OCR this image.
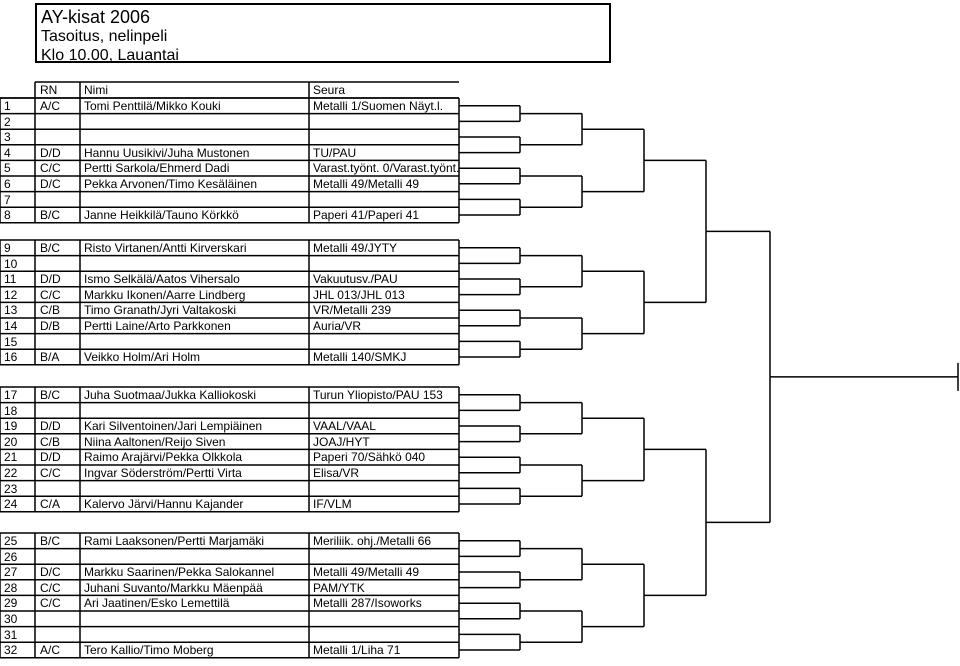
AY-kisat 2006
Tasoitus, nelinpeli
Klo 10.00, Lauantai
RN Nimi	Seura
1 A/C Tomi Penttilä/Mikko Kouki	Metalli 1/Suomen Näyt.l.
2
3
4 D/D Hannu Uusikivi/Juha Mustonen	TU/PAU
5 C/C Pertti Sarkola/Ehmerd Dadi	Varast.työnt. 0/Varast.työnt.
6 D/C Pekka Arvonen/Timo Kesäläinen	Metalli 49/Metalli 49
7
8 B/C Janne Heikkilä/Tauno Körkkö	Paperi 41/Paperi 41
9 B/C Risto Virtanen/Antti Kirverskari	Metalli 49/JYTY
10
11 D/D Ismo Selkälä/Aatos Vihersalo	Vakuutusv./PAU
12 C/C Markku Ikonen/Aarre Lindberg	JHL 013/JHL 013
13 C/B Timo Granath/Jyri Valtakoski	VR/Metalli 239
14 D/B Pertti Laine/Arto Parkkonen	Auria/VR
15
16 B/A Veikko Holm/Ari Holm	Metalli 140/SMKJ
17 B/C Juha Suotmaa/Jukka Kalliokoski	Turun Yliopisto/PAU 153
18
19 D/D Kari Silventoinen/Jari Lempiäinen	VAAL/VAAL
20 C/B Niina Aaltonen/Reijo Siven	JOAJ/HYT
21 D/D Raimo Arajärvi/Pekka Olkkola	Paperi 70/Sähkö 040
22 C/C Ingvar Söderström/Pertti Virta	Elisa/VR
23
24 C/A Kalervo Järvi/Hannu Kajander	IF/VLM
25 B/C Rami Laaksonen/Pertti Marjamäki	Meriliik. ohj./Metalli 66
26
27 D/C Markku Saarinen/Pekka Salokannel	Metalli 49/Metalli 49
28 C/C Juhani Suvanto/Markku Mäenpää	PAM/YTK
29 C/C Ari Jaatinen/Esko Lemettilä	Metalli 287/Isoworks
30
31
32 A/C Tero Kallio/Timo Moberg	Metalli 1/Liha 71
